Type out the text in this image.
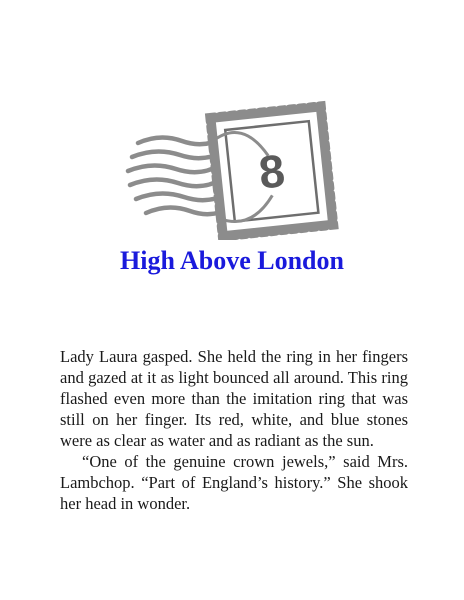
8
High Above London

Lady Laura gasped. She held the ring in her fingers and gazed at it as light bounced all around. This ring flashed even more than the imitation ring that was still on her finger. Its red, white, and blue stones were as clear as water and as radiant as the sun.

“One of the genuine crown jewels,” said Mrs. Lambchop. “Part of England’s history.” She shook her head in wonder.
